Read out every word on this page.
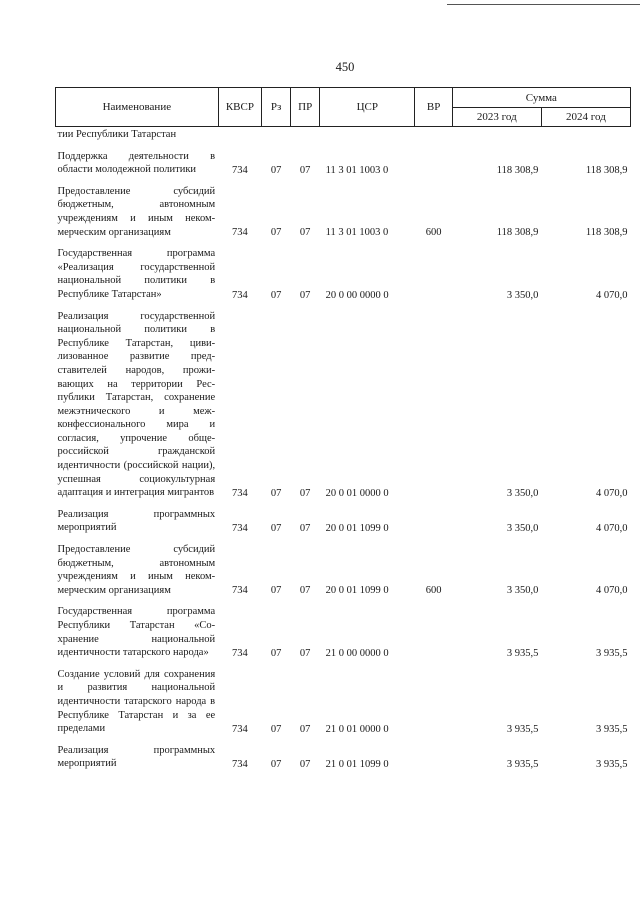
450
Наименование	КВСР	Рз	ПР	ЦСР	ВР	Сумма	
						2023 год	2024 год
тии Республики Татарстан							
Поддержка деятельности в области молодежной политики	734	07	07	11 3 01 1003 0		118 308,9	118 308,9
Предоставление субсидий бюджетным, автономным учреждениям и иным некоммерческим организациям	734	07	07	11 3 01 1003 0	600	118 308,9	118 308,9
Государственная программа «Реализация государственной национальной политики в Республике Татарстан»	734	07	07	20 0 00 0000 0		3 350,0	4 070,0
Реализация государственной национальной политики в Республике Татарстан, цивилизованное развитие представителей народов, проживающих на территории Республики Татарстан, сохранение межэтнического и межконфессионального мира и согласия, упрочение общероссийской гражданской идентичности (российской нации), успешная социокультурная адаптация и интеграция мигрантов	734	07	07	20 0 01 0000 0		3 350,0	4 070,0
Реализация программных мероприятий	734	07	07	20 0 01 1099 0		3 350,0	4 070,0
Предоставление субсидий бюджетным, автономным учреждениям и иным некоммерческим организациям	734	07	07	20 0 01 1099 0	600	3 350,0	4 070,0
Государственная программа Республики Татарстан «Сохранение национальной идентичности татарского народа»	734	07	07	21 0 00 0000 0		3 935,5	3 935,5
Создание условий для сохранения и развития национальной идентичности татарского народа в Республике Татарстан и за ее пределами	734	07	07	21 0 01 0000 0		3 935,5	3 935,5
Реализация программных мероприятий	734	07	07	21 0 01 1099 0		3 935,5	3 935,5
